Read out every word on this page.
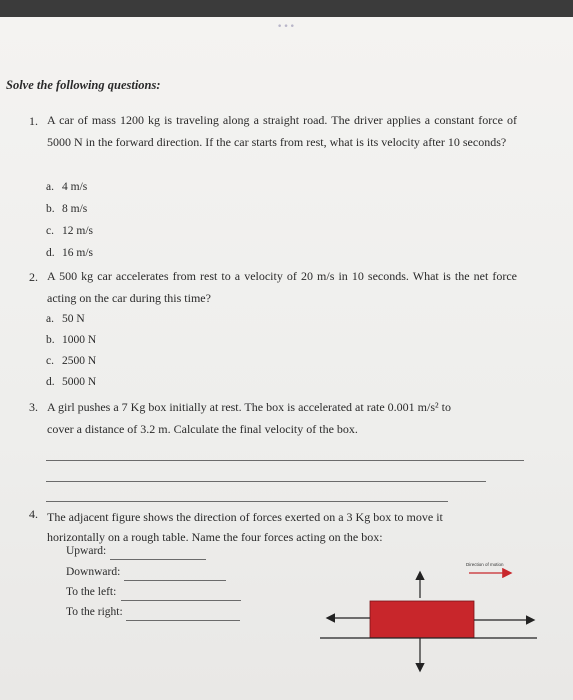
•••
Solve the following questions:
1. A car of mass 1200 kg is traveling along a straight road. The driver applies a constant force of 5000 N in the forward direction. If the car starts from rest, what is its velocity after 10 seconds?
a. 4 m/s
b. 8 m/s
c. 12 m/s
d. 16 m/s
2. A 500 kg car accelerates from rest to a velocity of 20 m/s in 10 seconds. What is the net force acting on the car during this time?
a. 50 N
b. 1000 N
c. 2500 N
d. 5000 N
3. A girl pushes a 7 Kg box initially at rest. The box is accelerated at rate 0.001 m/s² to
cover a distance of 3.2 m. Calculate the final velocity of the box.
4. The adjacent figure shows the direction of forces exerted on a 3 Kg box to move it
horizontally on a rough table. Name the four forces acting on the box:
Upward:
Downward:
To the left:
To the right:
Direction of motion
